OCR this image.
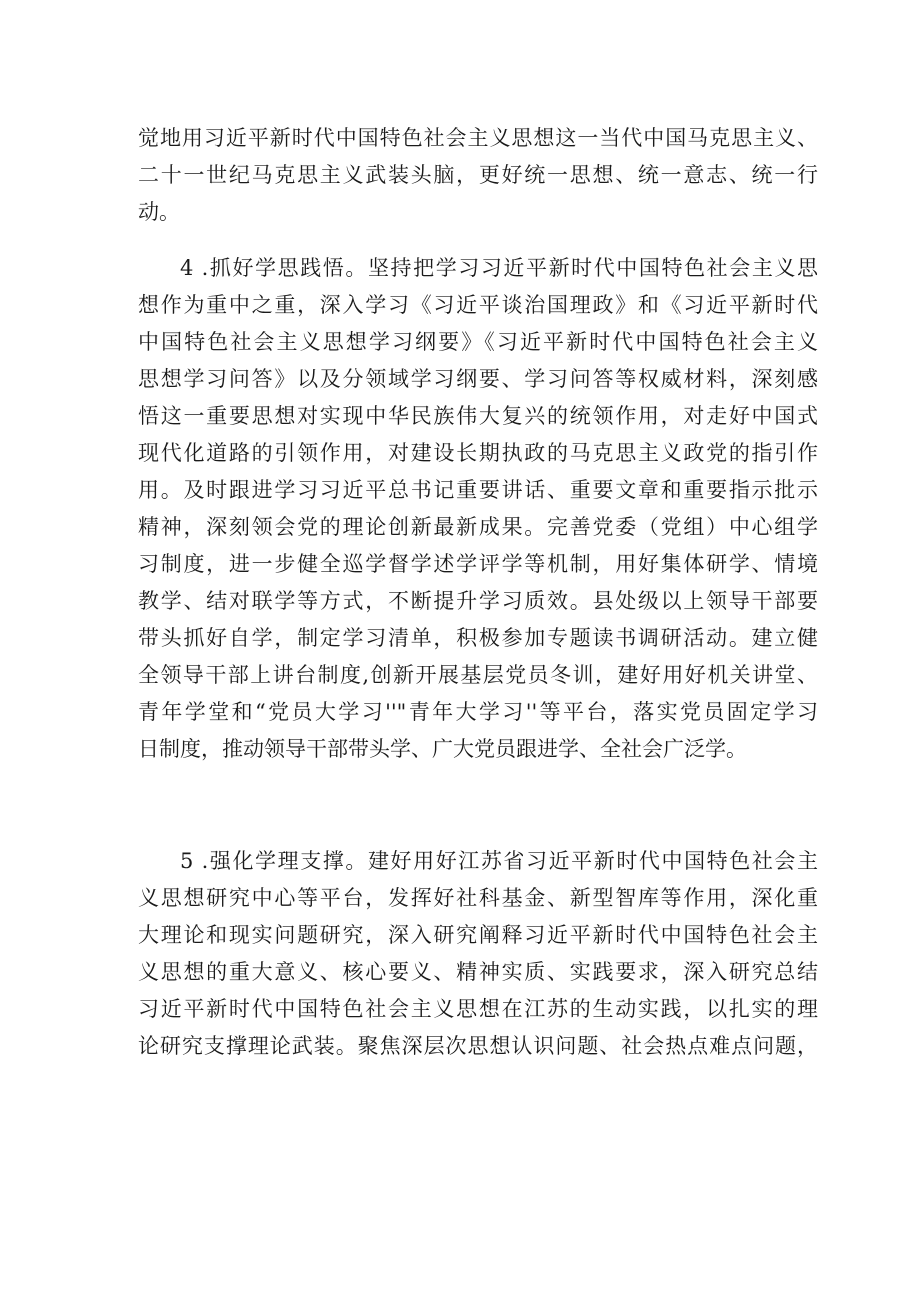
觉地用习近平新时代中国特色社会主义思想这一当代中国马克思主义、
二十一世纪马克思主义武装头脑，更好统一思想、统一意志、统一行
动。
4 .抓好学思践悟。坚持把学习习近平新时代中国特色社会主义思
想作为重中之重，深入学习《习近平谈治国理政》和《习近平新时代
中国特色社会主义思想学习纲要》《习近平新时代中国特色社会主义
思想学习问答》以及分领域学习纲要、学习问答等权威材料，深刻感
悟这一重要思想对实现中华民族伟大复兴的统领作用，对走好中国式
现代化道路的引领作用，对建设长期执政的马克思主义政党的指引作
用。及时跟进学习习近平总书记重要讲话、重要文章和重要指示批示
精神，深刻领会党的理论创新最新成果。完善党委（党组）中心组学
习制度，进一步健全巡学督学述学评学等机制，用好集体研学、情境
教学、结对联学等方式，不断提升学习质效。县处级以上领导干部要
带头抓好自学，制定学习清单，积极参加专题读书调研活动。建立健
全领导干部上讲台制度,创新开展基层党员冬训，建好用好机关讲堂、
青年学堂和“党员大学习''"青年大学习''等平台，落实党员固定学习
日制度，推动领导干部带头学、广大党员跟进学、全社会广泛学。
5 .强化学理支撑。建好用好江苏省习近平新时代中国特色社会主
义思想研究中心等平台，发挥好社科基金、新型智库等作用，深化重
大理论和现实问题研究，深入研究阐释习近平新时代中国特色社会主
义思想的重大意义、核心要义、精神实质、实践要求，深入研究总结
习近平新时代中国特色社会主义思想在江苏的生动实践，以扎实的理
论研究支撑理论武装。聚焦深层次思想认识问题、社会热点难点问题，
